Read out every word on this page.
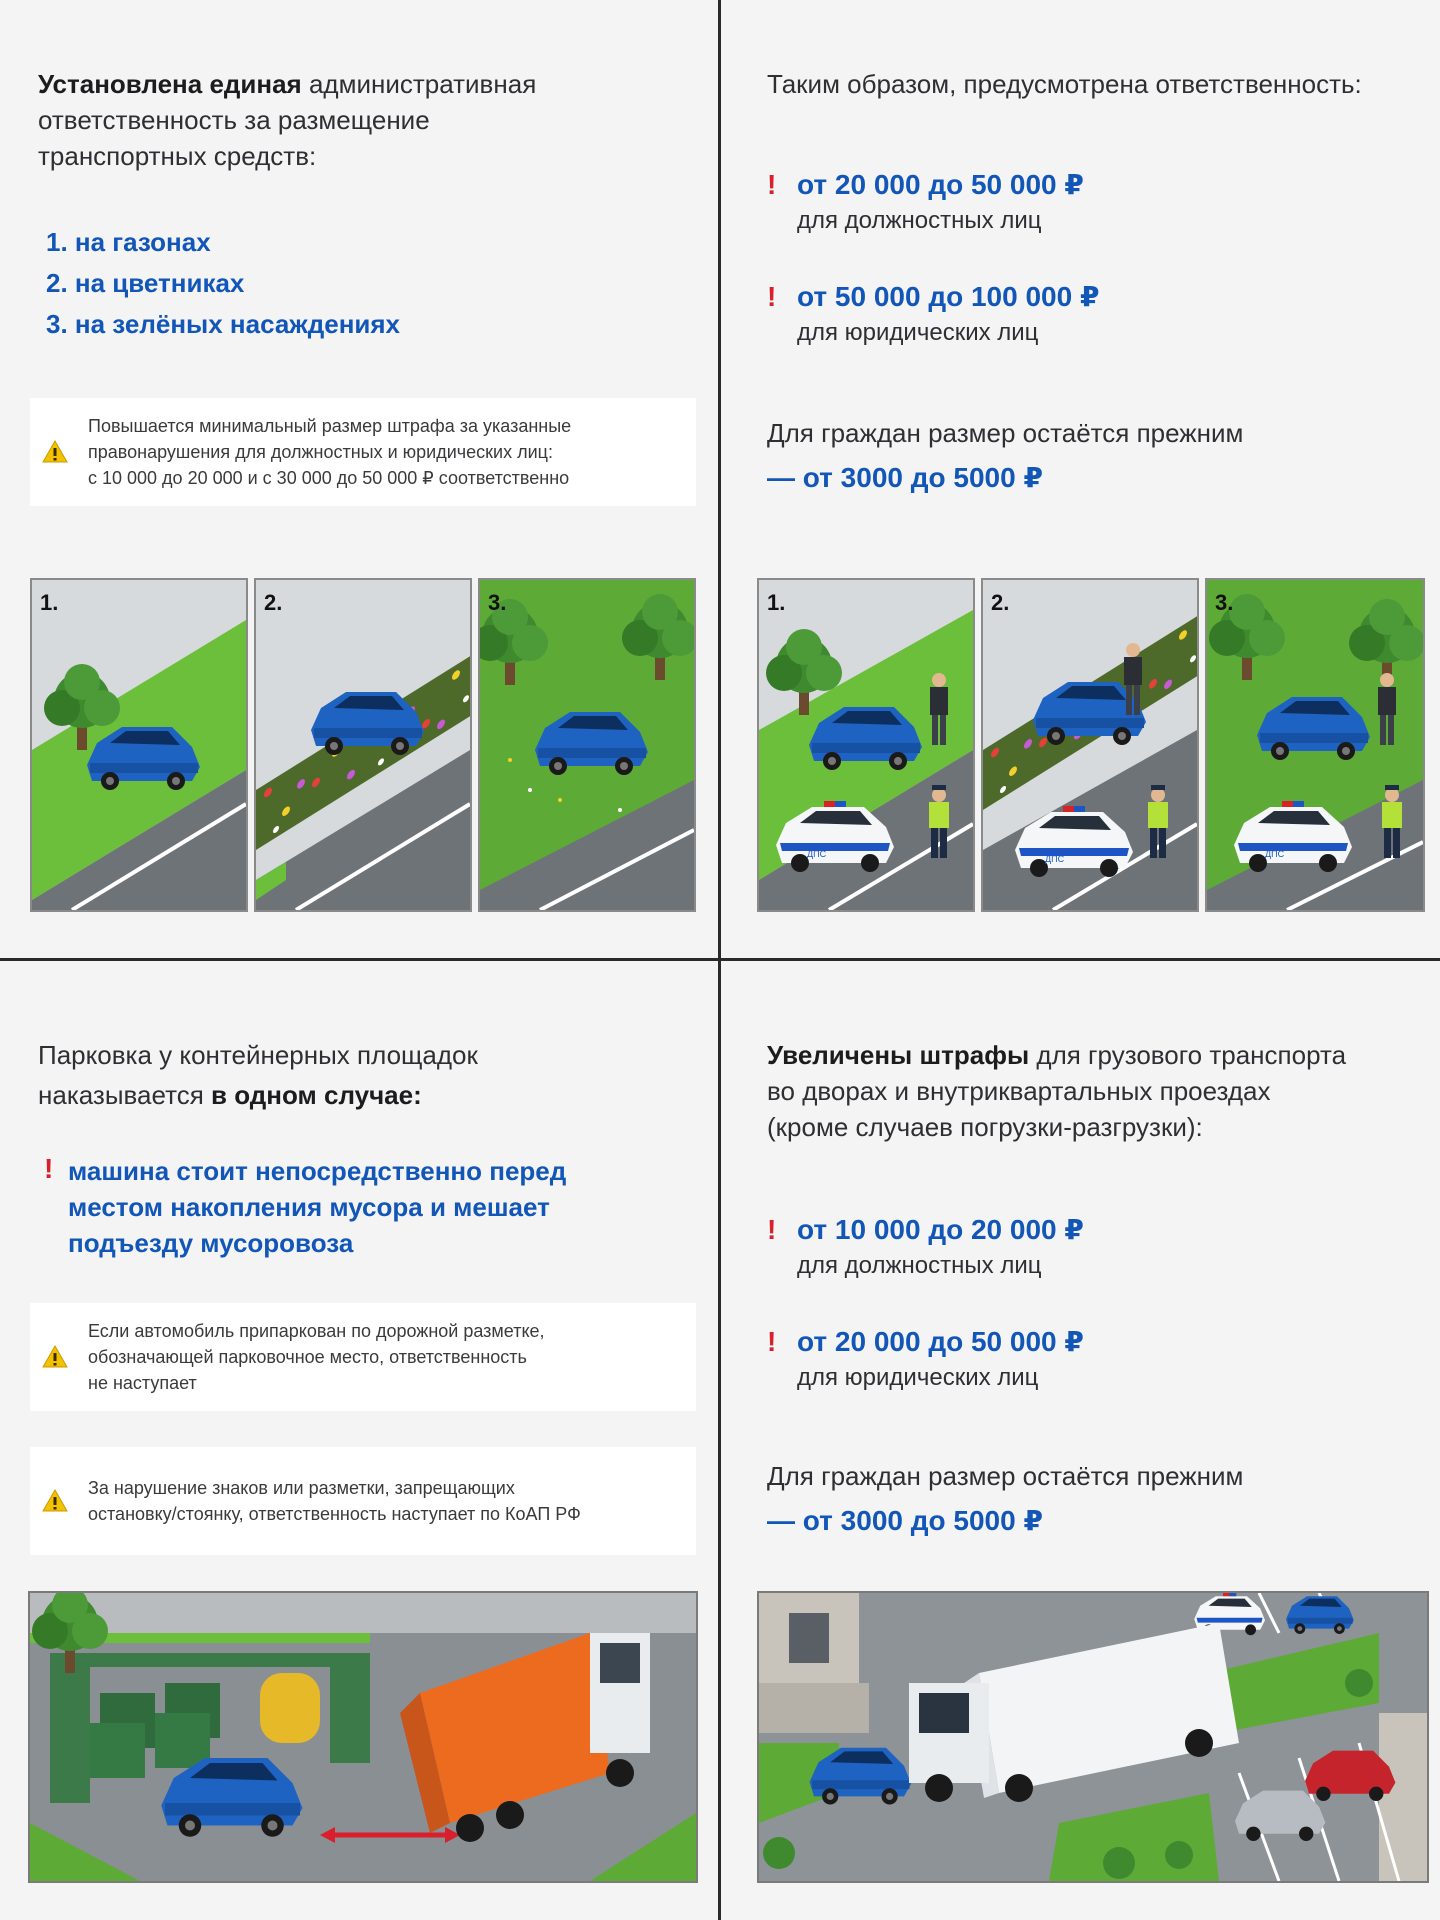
Установлена единая административная
ответственность за размещение
транспортных средств:
1. на газонах
2. на цветниках
3. на зелёных насаждениях
Повышается минимальный размер штрафа за указанные
правонарушения для должностных и юридических лиц:
с 10 000 до 20 000 и с 30 000 до 50 000 ₽ соответственно
1.	2.	3.
Таким образом, предусмотрена ответственность:
! от 20 000 до 50 000 ₽
для должностных лиц
! от 50 000 до 100 000 ₽
для юридических лиц
Для граждан размер остаётся прежним
— от 3000 до 5000 ₽
1.
ДПС
2.
ДПС
3.
ДПС
Парковка у контейнерных площадок
наказывается в одном случае:
! машина стоит непосредственно перед
местом накопления мусора и мешает
подъезду мусоровоза
Если автомобиль припаркован по дорожной разметке,
обозначающей парковочное место, ответственность
не наступает
За нарушение знаков или разметки, запрещающих
остановку/стоянку, ответственность наступает по КоАП РФ
Увеличены штрафы для грузового транспорта
во дворах и внутриквартальных проездах
(кроме случаев погрузки-разгрузки):
! от 10 000 до 20 000 ₽
для должностных лиц
! от 20 000 до 50 000 ₽
для юридических лиц
Для граждан размер остаётся прежним
— от 3000 до 5000 ₽
